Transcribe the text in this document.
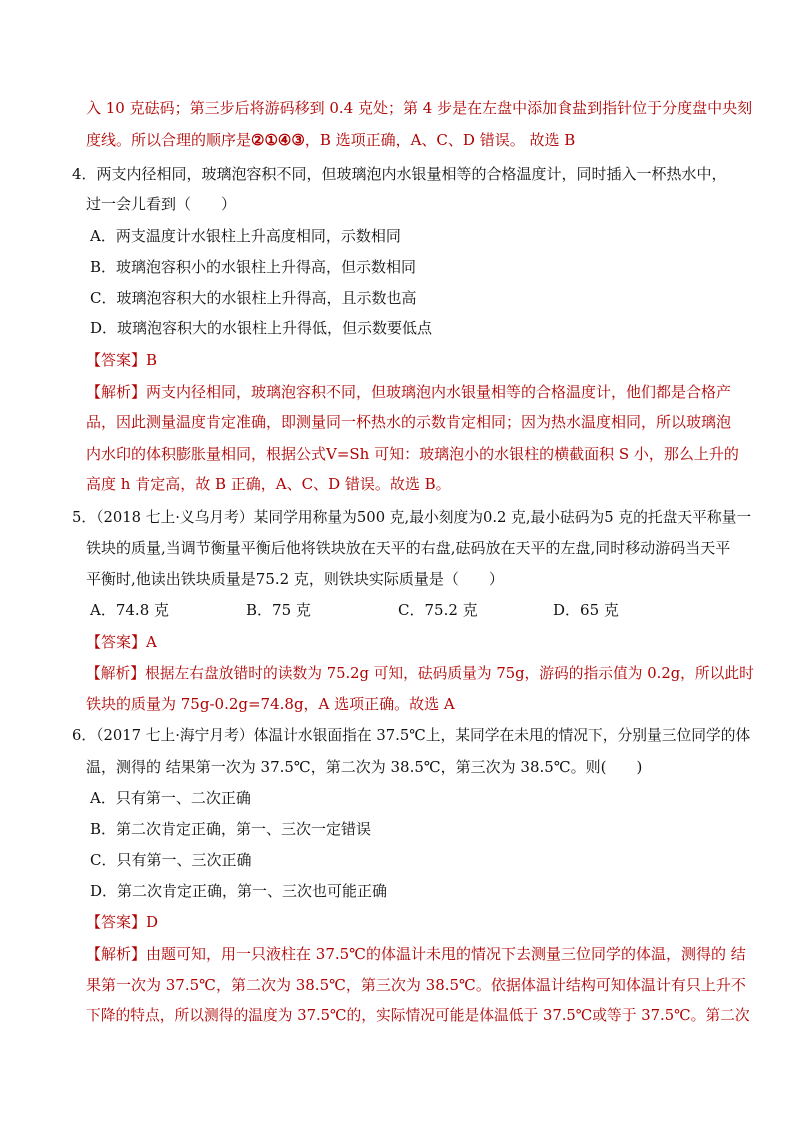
入 10 克砝码；第三步后将游码移到 0.4 克处；第 4 步是在左盘中添加食盐到指针位于分度盘中央刻
度线。所以合理的顺序是②①④③，B 选项正确，A、C、D 错误。 故选 B
4．两支内径相同，玻璃泡容积不同，但玻璃泡内水银量相等的合格温度计，同时插入一杯热水中，
过一会儿看到（　　）
A．两支温度计水银柱上升高度相同，示数相同
B．玻璃泡容积小的水银柱上升得高，但示数相同
C．玻璃泡容积大的水银柱上升得高，且示数也高
D．玻璃泡容积大的水银柱上升得低，但示数要低点
【答案】B
【解析】两支内径相同，玻璃泡容积不同，但玻璃泡内水银量相等的合格温度计，他们都是合格产
品，因此测量温度肯定准确，即测量同一杯热水的示数肯定相同；因为热水温度相同，所以玻璃泡
内水印的体积膨胀量相同，根据公式V=Sh 可知：玻璃泡小的水银柱的横截面积 S 小，那么上升的
高度 h 肯定高，故 B 正确，A、C、D 错误。故选 B。
5．（2018 七上·义乌月考）某同学用称量为500 克,最小刻度为0.2 克,最小砝码为5 克的托盘天平称量一
铁块的质量,当调节衡量平衡后他将铁块放在天平的右盘,砝码放在天平的左盘,同时移动游码当天平
平衡时,他读出铁块质量是75.2 克，则铁块实际质量是（　　）
A．74.8 克	B．75 克	C．75.2 克	D．65 克
【答案】A
【解析】根据左右盘放错时的读数为 75.2g 可知，砝码质量为 75g，游码的指示值为 0.2g，所以此时
铁块的质量为 75g-0.2g=74.8g，A 选项正确。故选 A
6．（2017 七上·海宁月考）体温计水银面指在 37.5℃上，某同学在未甩的情况下，分别量三位同学的体
温，测得的 结果第一次为 37.5℃，第二次为 38.5℃，第三次为 38.5℃。则(　　)
A．只有第一、二次正确
B．第二次肯定正确，第一、三次一定错误
C．只有第一、三次正确
D．第二次肯定正确，第一、三次也可能正确
【答案】D
【解析】由题可知，用一只液柱在 37.5℃的体温计未甩的情况下去测量三位同学的体温，测得的 结
果第一次为 37.5℃，第二次为 38.5℃，第三次为 38.5℃。依据体温计结构可知体温计有只上升不
下降的特点，所以测得的温度为 37.5℃的，实际情况可能是体温低于 37.5℃或等于 37.5℃。第二次
